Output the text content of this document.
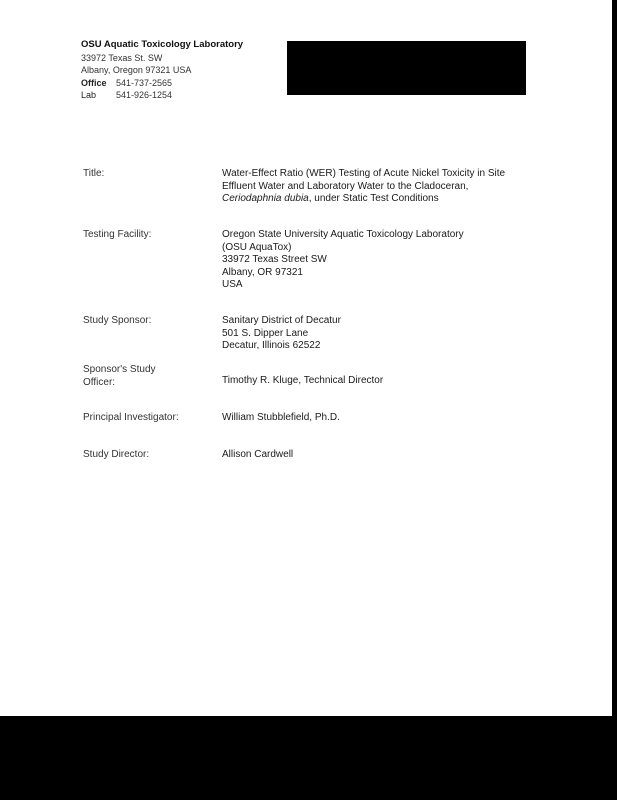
OSU Aquatic Toxicology Laboratory
33972 Texas St. SW
Albany, Oregon 97321 USA
Office 541-737-2565
Lab 541-926-1254
Title:	Water-Effect Ratio (WER) Testing of Acute Nickel Toxicity in Site
Effluent Water and Laboratory Water to the Cladoceran,
Ceriodaphnia dubia, under Static Test Conditions
Testing Facility:	Oregon State University Aquatic Toxicology Laboratory
(OSU AquaTox)
33972 Texas Street SW
Albany, OR 97321
USA
Study Sponsor:	Sanitary District of Decatur
501 S. Dipper Lane
Decatur, Illinois 62522
Sponsor's Study
Officer:	Timothy R. Kluge, Technical Director
Principal Investigator:	William Stubblefield, Ph.D.
Study Director:	Allison Cardwell
